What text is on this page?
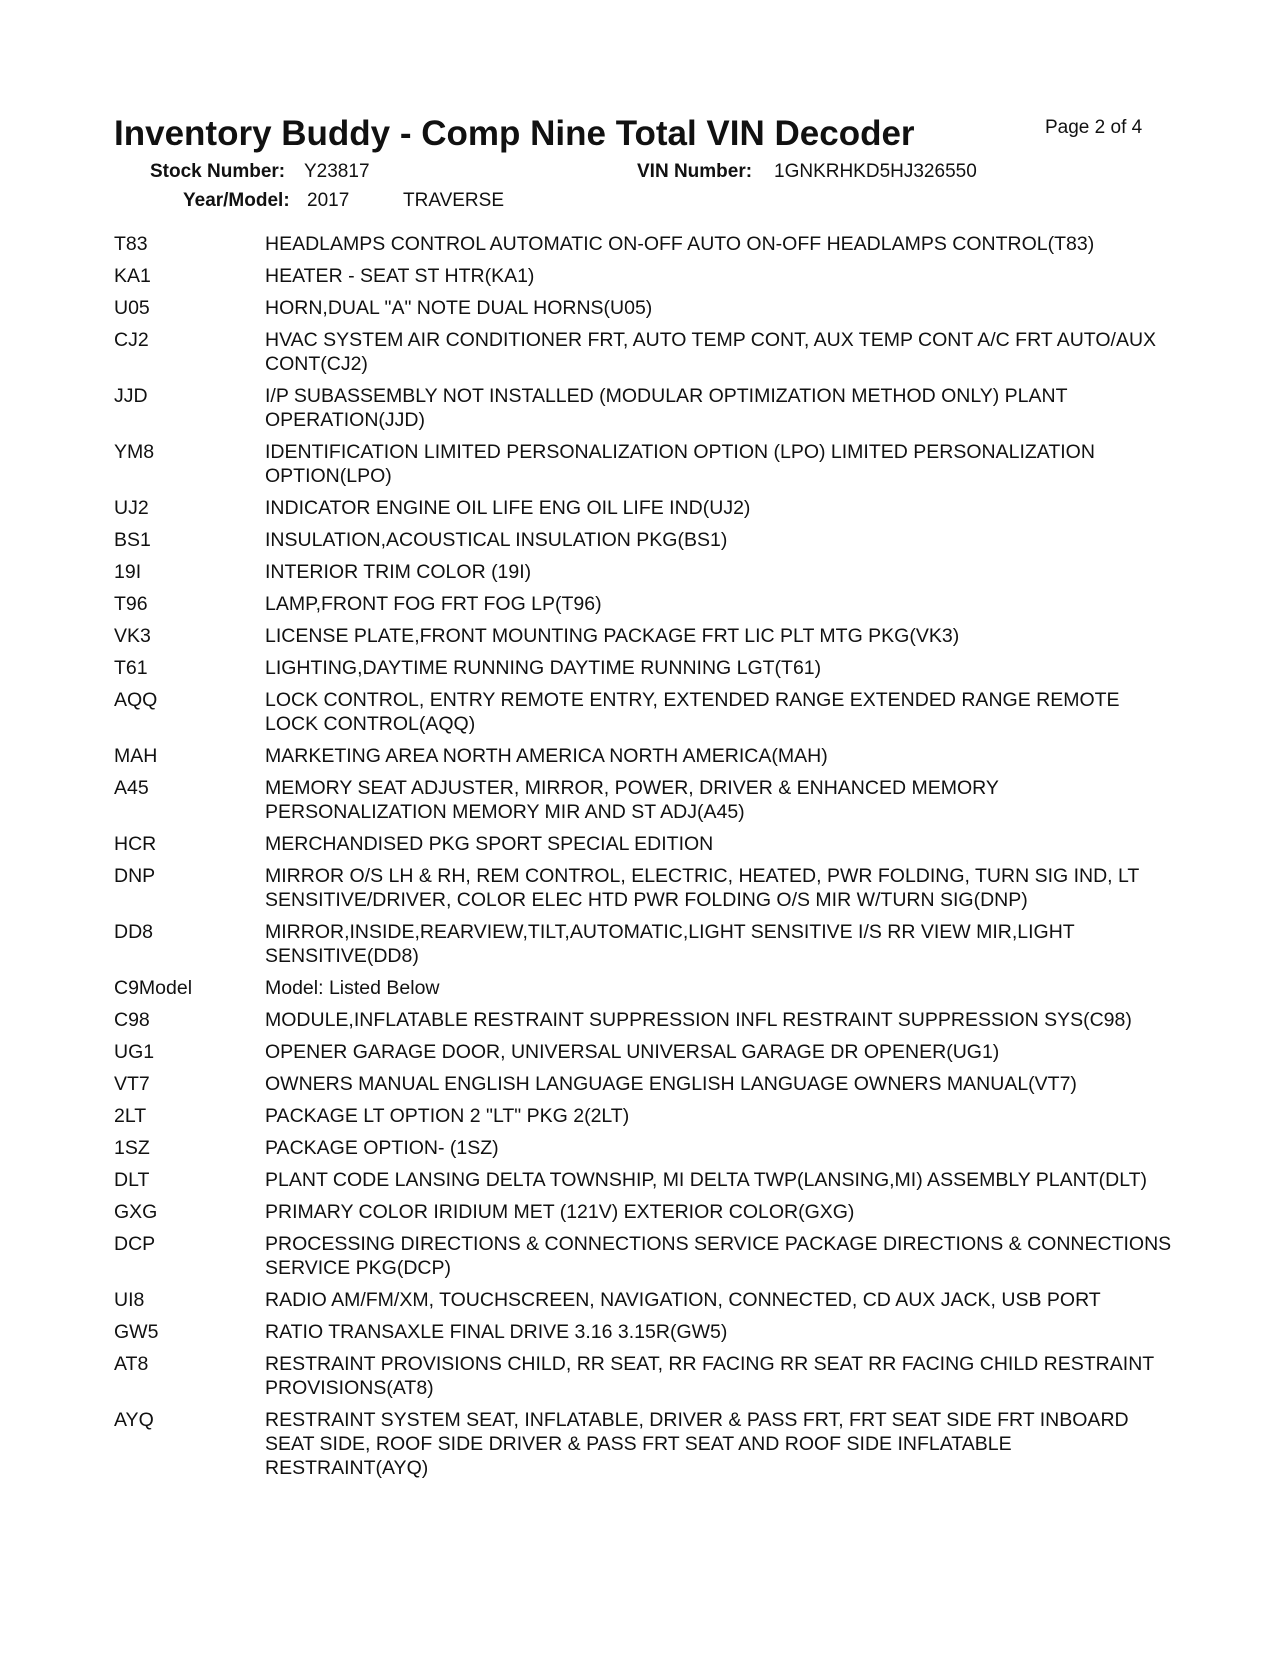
Inventory Buddy - Comp Nine Total VIN Decoder	Page 2 of 4
Stock Number: Y23817	VIN Number: 1GNKRHKD5HJ326550
Year/Model: 2017	TRAVERSE
T83	HEADLAMPS CONTROL AUTOMATIC ON-OFF AUTO ON-OFF HEADLAMPS CONTROL(T83)
KA1	HEATER - SEAT ST HTR(KA1)
U05	HORN,DUAL "A" NOTE DUAL HORNS(U05)
CJ2	HVAC SYSTEM AIR CONDITIONER FRT, AUTO TEMP CONT, AUX TEMP CONT A/C FRT AUTO/AUX CONT(CJ2)
JJD	I/P SUBASSEMBLY NOT INSTALLED (MODULAR OPTIMIZATION METHOD ONLY) PLANT OPERATION(JJD)
YM8	IDENTIFICATION LIMITED PERSONALIZATION OPTION (LPO) LIMITED PERSONALIZATION OPTION(LPO)
UJ2	INDICATOR ENGINE OIL LIFE ENG OIL LIFE IND(UJ2)
BS1	INSULATION,ACOUSTICAL INSULATION PKG(BS1)
19I	INTERIOR TRIM COLOR (19I)
T96	LAMP,FRONT FOG FRT FOG LP(T96)
VK3	LICENSE PLATE,FRONT MOUNTING PACKAGE FRT LIC PLT MTG PKG(VK3)
T61	LIGHTING,DAYTIME RUNNING DAYTIME RUNNING LGT(T61)
AQQ	LOCK CONTROL, ENTRY REMOTE ENTRY, EXTENDED RANGE EXTENDED RANGE REMOTE LOCK CONTROL(AQQ)
MAH	MARKETING AREA NORTH AMERICA NORTH AMERICA(MAH)
A45	MEMORY SEAT ADJUSTER, MIRROR, POWER, DRIVER & ENHANCED MEMORY PERSONALIZATION MEMORY MIR AND ST ADJ(A45)
HCR	MERCHANDISED PKG SPORT SPECIAL EDITION
DNP	MIRROR O/S LH & RH, REM CONTROL, ELECTRIC, HEATED, PWR FOLDING, TURN SIG IND, LT SENSITIVE/DRIVER, COLOR ELEC HTD PWR FOLDING O/S MIR W/TURN SIG(DNP)
DD8	MIRROR,INSIDE,REARVIEW,TILT,AUTOMATIC,LIGHT SENSITIVE I/S RR VIEW MIR,LIGHT SENSITIVE(DD8)
C9Model	Model: Listed Below
C98	MODULE,INFLATABLE RESTRAINT SUPPRESSION INFL RESTRAINT SUPPRESSION SYS(C98)
UG1	OPENER GARAGE DOOR, UNIVERSAL UNIVERSAL GARAGE DR OPENER(UG1)
VT7	OWNERS MANUAL ENGLISH LANGUAGE ENGLISH LANGUAGE OWNERS MANUAL(VT7)
2LT	PACKAGE LT OPTION 2 "LT" PKG 2(2LT)
1SZ	PACKAGE OPTION- (1SZ)
DLT	PLANT CODE LANSING DELTA TOWNSHIP, MI DELTA TWP(LANSING,MI) ASSEMBLY PLANT(DLT)
GXG	PRIMARY COLOR IRIDIUM MET (121V) EXTERIOR COLOR(GXG)
DCP	PROCESSING DIRECTIONS & CONNECTIONS SERVICE PACKAGE DIRECTIONS & CONNECTIONS SERVICE PKG(DCP)
UI8	RADIO AM/FM/XM, TOUCHSCREEN, NAVIGATION, CONNECTED, CD AUX JACK, USB PORT
GW5	RATIO TRANSAXLE FINAL DRIVE 3.16 3.15R(GW5)
AT8	RESTRAINT PROVISIONS CHILD, RR SEAT, RR FACING RR SEAT RR FACING CHILD RESTRAINT PROVISIONS(AT8)
AYQ	RESTRAINT SYSTEM SEAT, INFLATABLE, DRIVER & PASS FRT, FRT SEAT SIDE FRT INBOARD SEAT SIDE, ROOF SIDE DRIVER & PASS FRT SEAT AND ROOF SIDE INFLATABLE RESTRAINT(AYQ)
